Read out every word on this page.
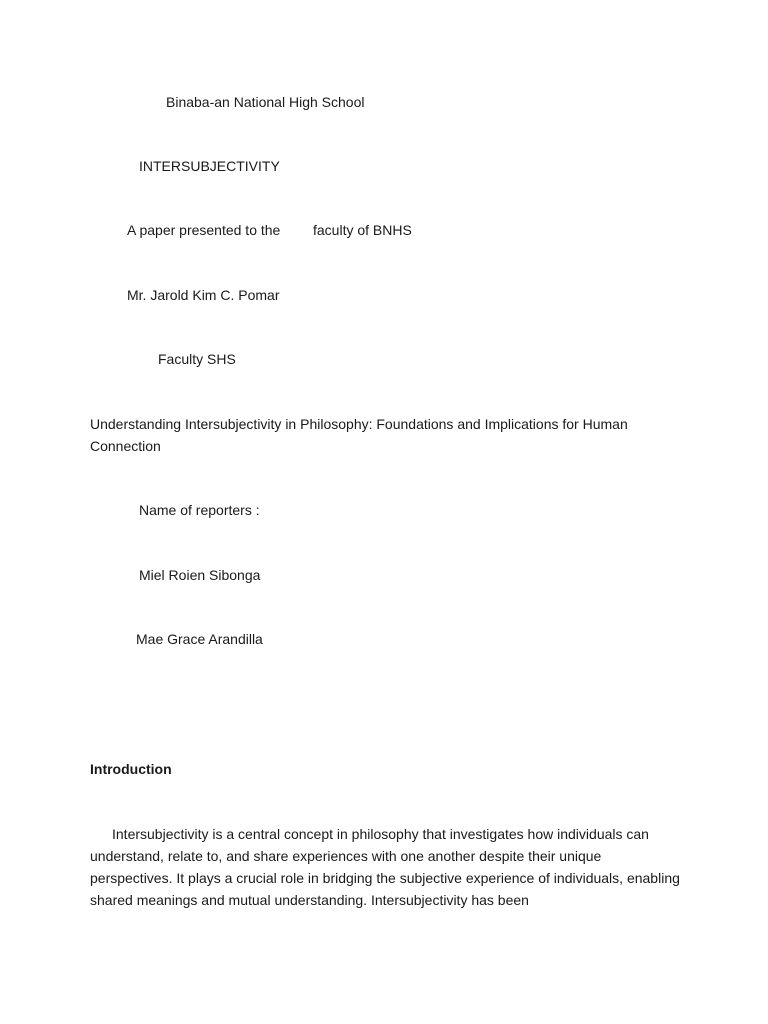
Binaba-an National High School
INTERSUBJECTIVITY
A paper presented to the faculty of BNHS
Mr. Jarold Kim C. Pomar
Faculty SHS
Understanding Intersubjectivity in Philosophy: Foundations and Implications for Human Connection
Name of reporters :
Miel Roien Sibonga
Mae Grace Arandilla
Introduction
Intersubjectivity is a central concept in philosophy that investigates how individuals can understand, relate to, and share experiences with one another despite their unique perspectives. It plays a crucial role in bridging the subjective experience of individuals, enabling shared meanings and mutual understanding. Intersubjectivity has been
